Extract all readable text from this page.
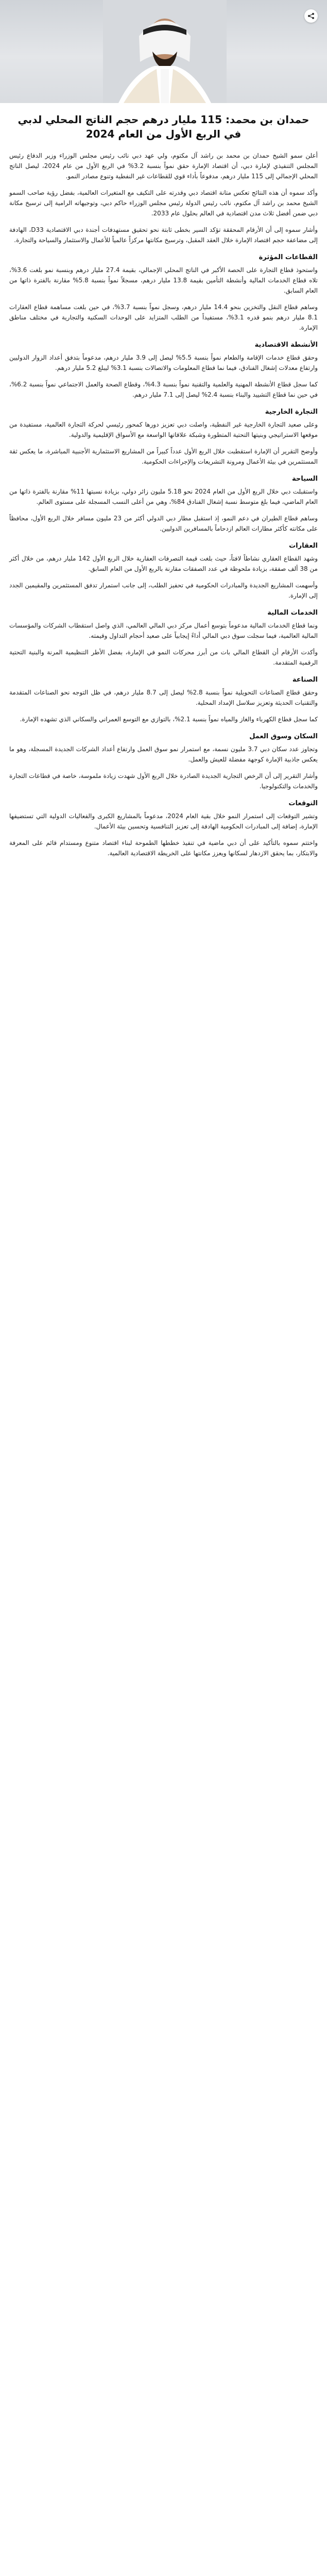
حمدان بن محمد: 115 مليار درهم حجم الناتج المحلي لدبي في الربع الأول من العام 2024

أعلن سمو الشيخ حمدان بن محمد بن راشد آل مكتوم، ولي عهد دبي نائب رئيس مجلس الوزراء وزير الدفاع رئيس المجلس التنفيذي لإمارة دبي، أن اقتصاد الإمارة حقق نمواً بنسبة 3.2% في الربع الأول من عام 2024، ليصل الناتج المحلي الإجمالي إلى 115 مليار درهم، مدفوعاً بأداء قوي للقطاعات غير النفطية وتنوع مصادر النمو.

وأكد سموه أن هذه النتائج تعكس متانة اقتصاد دبي وقدرته على التكيف مع المتغيرات العالمية، بفضل رؤية صاحب السمو الشيخ محمد بن راشد آل مكتوم، نائب رئيس الدولة رئيس مجلس الوزراء حاكم دبي، وتوجيهاته الرامية إلى ترسيخ مكانة دبي ضمن أفضل ثلاث مدن اقتصادية في العالم بحلول عام 2033.

وأشار سموه إلى أن الأرقام المحققة تؤكد السير بخطى ثابتة نحو تحقيق مستهدفات أجندة دبي الاقتصادية D33، الهادفة إلى مضاعفة حجم اقتصاد الإمارة خلال العقد المقبل، وترسيخ مكانتها مركزاً عالمياً للأعمال والاستثمار والسياحة والتجارة.

القطاعات المؤثرة

واستحوذ قطاع التجارة على الحصة الأكبر في الناتج المحلي الإجمالي، بقيمة 27.4 مليار درهم وبنسبة نمو بلغت 3.6%، تلاه قطاع الخدمات المالية وأنشطة التأمين بقيمة 13.8 مليار درهم، مسجلاً نمواً بنسبة 5.8% مقارنة بالفترة ذاتها من العام السابق.

وساهم قطاع النقل والتخزين بنحو 14.4 مليار درهم، وسجل نمواً بنسبة 3.7%، في حين بلغت مساهمة قطاع العقارات 8.1 مليار درهم بنمو قدره 3.1%، مستفيداً من الطلب المتزايد على الوحدات السكنية والتجارية في مختلف مناطق الإمارة.

الأنشطة الاقتصادية

وحقق قطاع خدمات الإقامة والطعام نمواً بنسبة 5.5% ليصل إلى 3.9 مليار درهم، مدعوماً بتدفق أعداد الزوار الدوليين وارتفاع معدلات إشغال الفنادق، فيما نما قطاع المعلومات والاتصالات بنسبة 3.1% ليبلغ 5.2 مليار درهم.

كما سجل قطاع الأنشطة المهنية والعلمية والتقنية نمواً بنسبة 4.3%، وقطاع الصحة والعمل الاجتماعي نمواً بنسبة 6.2%، في حين نما قطاع التشييد والبناء بنسبة 2.4% ليصل إلى 7.1 مليار درهم.

التجارة الخارجية

وعلى صعيد التجارة الخارجية غير النفطية، واصلت دبي تعزيز دورها كمحور رئيسي لحركة التجارة العالمية، مستفيدة من موقعها الاستراتيجي وبنيتها التحتية المتطورة وشبكة علاقاتها الواسعة مع الأسواق الإقليمية والدولية.

وأوضح التقرير أن الإمارة استقطبت خلال الربع الأول عدداً كبيراً من المشاريع الاستثمارية الأجنبية المباشرة، ما يعكس ثقة المستثمرين في بيئة الأعمال ومرونة التشريعات والإجراءات الحكومية.

السياحة

واستقبلت دبي خلال الربع الأول من العام 2024 نحو 5.18 مليون زائر دولي، بزيادة نسبتها 11% مقارنة بالفترة ذاتها من العام الماضي، فيما بلغ متوسط نسبة إشغال الفنادق 84%، وهي من أعلى النسب المسجلة على مستوى العالم.

وساهم قطاع الطيران في دعم النمو، إذ استقبل مطار دبي الدولي أكثر من 23 مليون مسافر خلال الربع الأول، محافظاً على مكانته كأكثر مطارات العالم ازدحاماً بالمسافرين الدوليين.

العقارات

وشهد القطاع العقاري نشاطاً لافتاً، حيث بلغت قيمة التصرفات العقارية خلال الربع الأول 142 مليار درهم، من خلال أكثر من 38 ألف صفقة، بزيادة ملحوظة في عدد الصفقات مقارنة بالربع الأول من العام السابق.

وأسهمت المشاريع الجديدة والمبادرات الحكومية في تحفيز الطلب، إلى جانب استمرار تدفق المستثمرين والمقيمين الجدد إلى الإمارة.

الخدمات المالية

ونما قطاع الخدمات المالية مدعوماً بتوسع أعمال مركز دبي المالي العالمي، الذي واصل استقطاب الشركات والمؤسسات المالية العالمية، فيما سجلت سوق دبي المالي أداءً إيجابياً على صعيد أحجام التداول وقيمته.

وأكدت الأرقام أن القطاع المالي بات من أبرز محركات النمو في الإمارة، بفضل الأطر التنظيمية المرنة والبنية التحتية الرقمية المتقدمة.

الصناعة

وحقق قطاع الصناعات التحويلية نمواً بنسبة 2.8% ليصل إلى 8.7 مليار درهم، في ظل التوجه نحو الصناعات المتقدمة والتقنيات الحديثة وتعزيز سلاسل الإمداد المحلية.

كما سجل قطاع الكهرباء والغاز والمياه نمواً بنسبة 2.1%، بالتوازي مع التوسع العمراني والسكاني الذي تشهده الإمارة.

السكان وسوق العمل

وتجاوز عدد سكان دبي 3.7 مليون نسمة، مع استمرار نمو سوق العمل وارتفاع أعداد الشركات الجديدة المسجلة، وهو ما يعكس جاذبية الإمارة كوجهة مفضلة للعيش والعمل.

وأشار التقرير إلى أن الرخص التجارية الجديدة الصادرة خلال الربع الأول شهدت زيادة ملموسة، خاصة في قطاعات التجارة والخدمات والتكنولوجيا.

التوقعات

وتشير التوقعات إلى استمرار النمو خلال بقية العام 2024، مدعوماً بالمشاريع الكبرى والفعاليات الدولية التي تستضيفها الإمارة، إضافة إلى المبادرات الحكومية الهادفة إلى تعزيز التنافسية وتحسين بيئة الأعمال.

واختتم سموه بالتأكيد على أن دبي ماضية في تنفيذ خططها الطموحة لبناء اقتصاد متنوع ومستدام قائم على المعرفة والابتكار، بما يحقق الازدهار لسكانها ويعزز مكانتها على الخريطة الاقتصادية العالمية.
